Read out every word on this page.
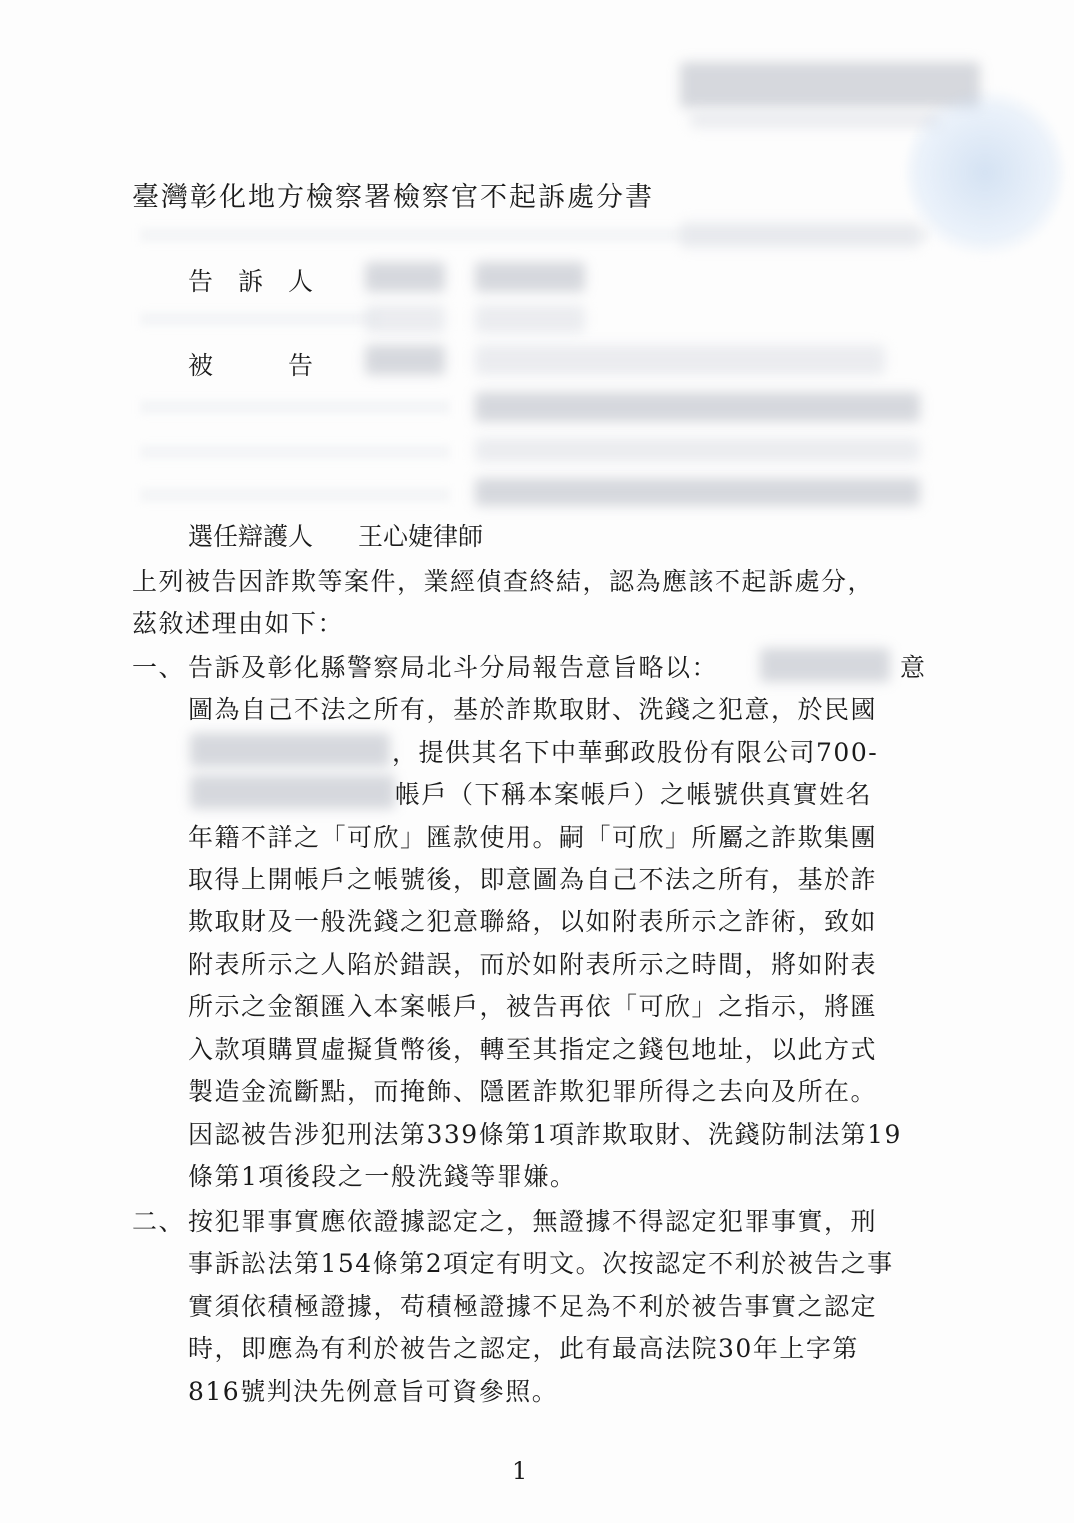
臺灣彰化地方檢察署檢察官不起訴處分書
告　訴　人
被　　　告
選任辯護人 王心婕律師
上列被告因詐欺等案件，業經偵查終結，認為應該不起訴處分，
茲敘述理由如下：
一、 告訴及彰化縣警察局北斗分局報告意旨略以：	意
圖為自己不法之所有，基於詐欺取財、洗錢之犯意，於民國
，提供其名下中華郵政股份有限公司700-
帳戶（下稱本案帳戶）之帳號供真實姓名
年籍不詳之「可欣」匯款使用。嗣「可欣」所屬之詐欺集團
取得上開帳戶之帳號後，即意圖為自己不法之所有，基於詐
欺取財及一般洗錢之犯意聯絡，以如附表所示之詐術，致如
附表所示之人陷於錯誤，而於如附表所示之時間，將如附表
所示之金額匯入本案帳戶，被告再依「可欣」之指示，將匯
入款項購買虛擬貨幣後，轉至其指定之錢包地址，以此方式
製造金流斷點，而掩飾、隱匿詐欺犯罪所得之去向及所在。
因認被告涉犯刑法第339條第1項詐欺取財、洗錢防制法第19
條第1項後段之一般洗錢等罪嫌。
二、 按犯罪事實應依證據認定之，無證據不得認定犯罪事實，刑
事訴訟法第154條第2項定有明文。次按認定不利於被告之事
實須依積極證據，苟積極證據不足為不利於被告事實之認定
時，即應為有利於被告之認定，此有最高法院30年上字第
816號判決先例意旨可資參照。
1
